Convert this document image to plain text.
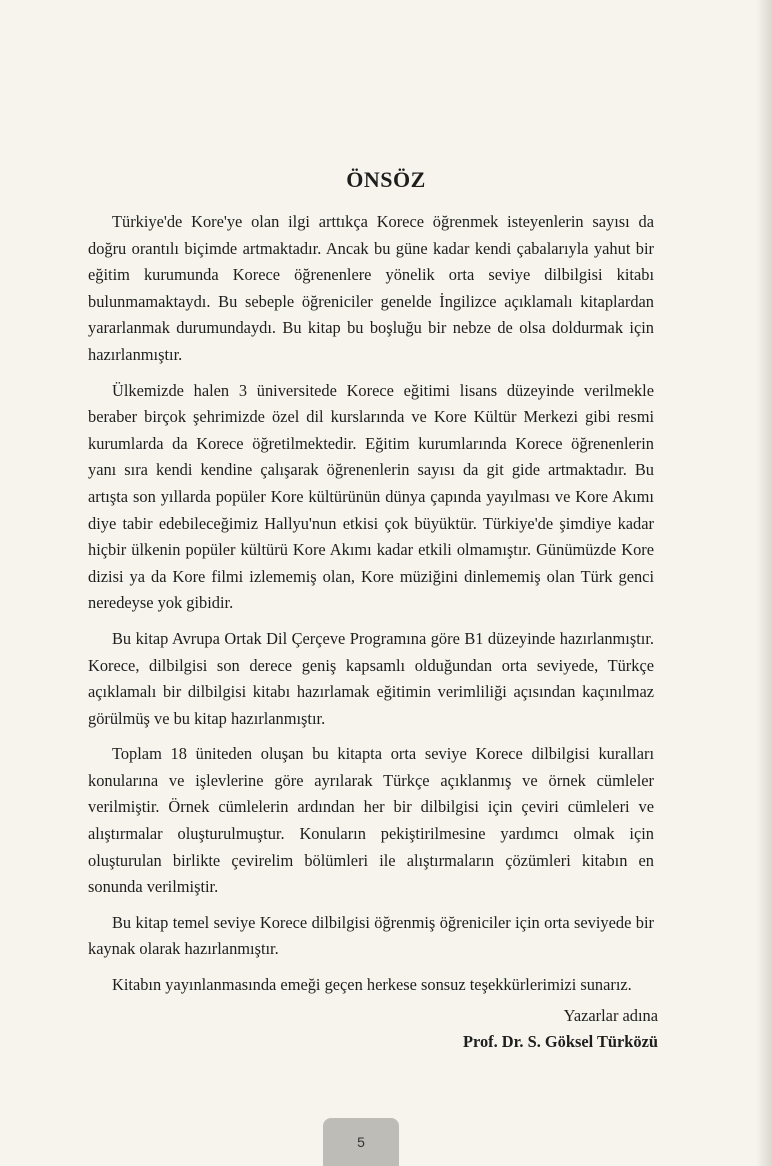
ÖNSÖZ

Türkiye'de Kore'ye olan ilgi arttıkça Korece öğrenmek isteyenlerin sayısı da doğru orantılı biçimde artmaktadır. Ancak bu güne kadar kendi çabalarıyla yahut bir eğitim kurumunda Korece öğrenenlere yönelik orta seviye dilbilgisi kitabı bulunmamaktaydı. Bu sebeple öğreniciler genelde İngilizce açıklamalı kitaplardan yararlanmak durumundaydı. Bu kitap bu boşluğu bir nebze de olsa doldurmak için hazırlanmıştır.

Ülkemizde halen 3 üniversitede Korece eğitimi lisans düzeyinde verilmekle beraber birçok şehrimizde özel dil kurslarında ve Kore Kültür Merkezi gibi resmi kurumlarda da Korece öğretilmektedir. Eğitim kurumlarında Korece öğrenenlerin yanı sıra kendi kendine çalışarak öğrenenlerin sayısı da git gide artmaktadır. Bu artışta son yıllarda popüler Kore kültürünün dünya çapında yayılması ve Kore Akımı diye tabir edebileceğimiz Hallyu'nun etkisi çok büyüktür. Türkiye'de şimdiye kadar hiçbir ülkenin popüler kültürü Kore Akımı kadar etkili olmamıştır. Günümüzde Kore dizisi ya da Kore filmi izlememiş olan, Kore müziğini dinlememiş olan Türk genci neredeyse yok gibidir.

Bu kitap Avrupa Ortak Dil Çerçeve Programına göre B1 düzeyinde hazırlanmıştır. Korece, dilbilgisi son derece geniş kapsamlı olduğundan orta seviyede, Türkçe açıklamalı bir dilbilgisi kitabı hazırlamak eğitimin verimliliği açısından kaçınılmaz görülmüş ve bu kitap hazırlanmıştır.

Toplam 18 üniteden oluşan bu kitapta orta seviye Korece dilbilgisi kuralları konularına ve işlevlerine göre ayrılarak Türkçe açıklanmış ve örnek cümleler verilmiştir. Örnek cümlelerin ardından her bir dilbilgisi için çeviri cümleleri ve alıştırmalar oluşturulmuştur. Konuların pekiştirilmesine yardımcı olmak için oluşturulan birlikte çevirelim bölümleri ile alıştırmaların çözümleri kitabın en sonunda verilmiştir.

Bu kitap temel seviye Korece dilbilgisi öğrenmiş öğreniciler için orta seviyede bir kaynak olarak hazırlanmıştır.

Kitabın yayınlanmasında emeği geçen herkese sonsuz teşekkürlerimizi sunarız.

Yazarlar adına
Prof. Dr. S. Göksel Türközü
5
